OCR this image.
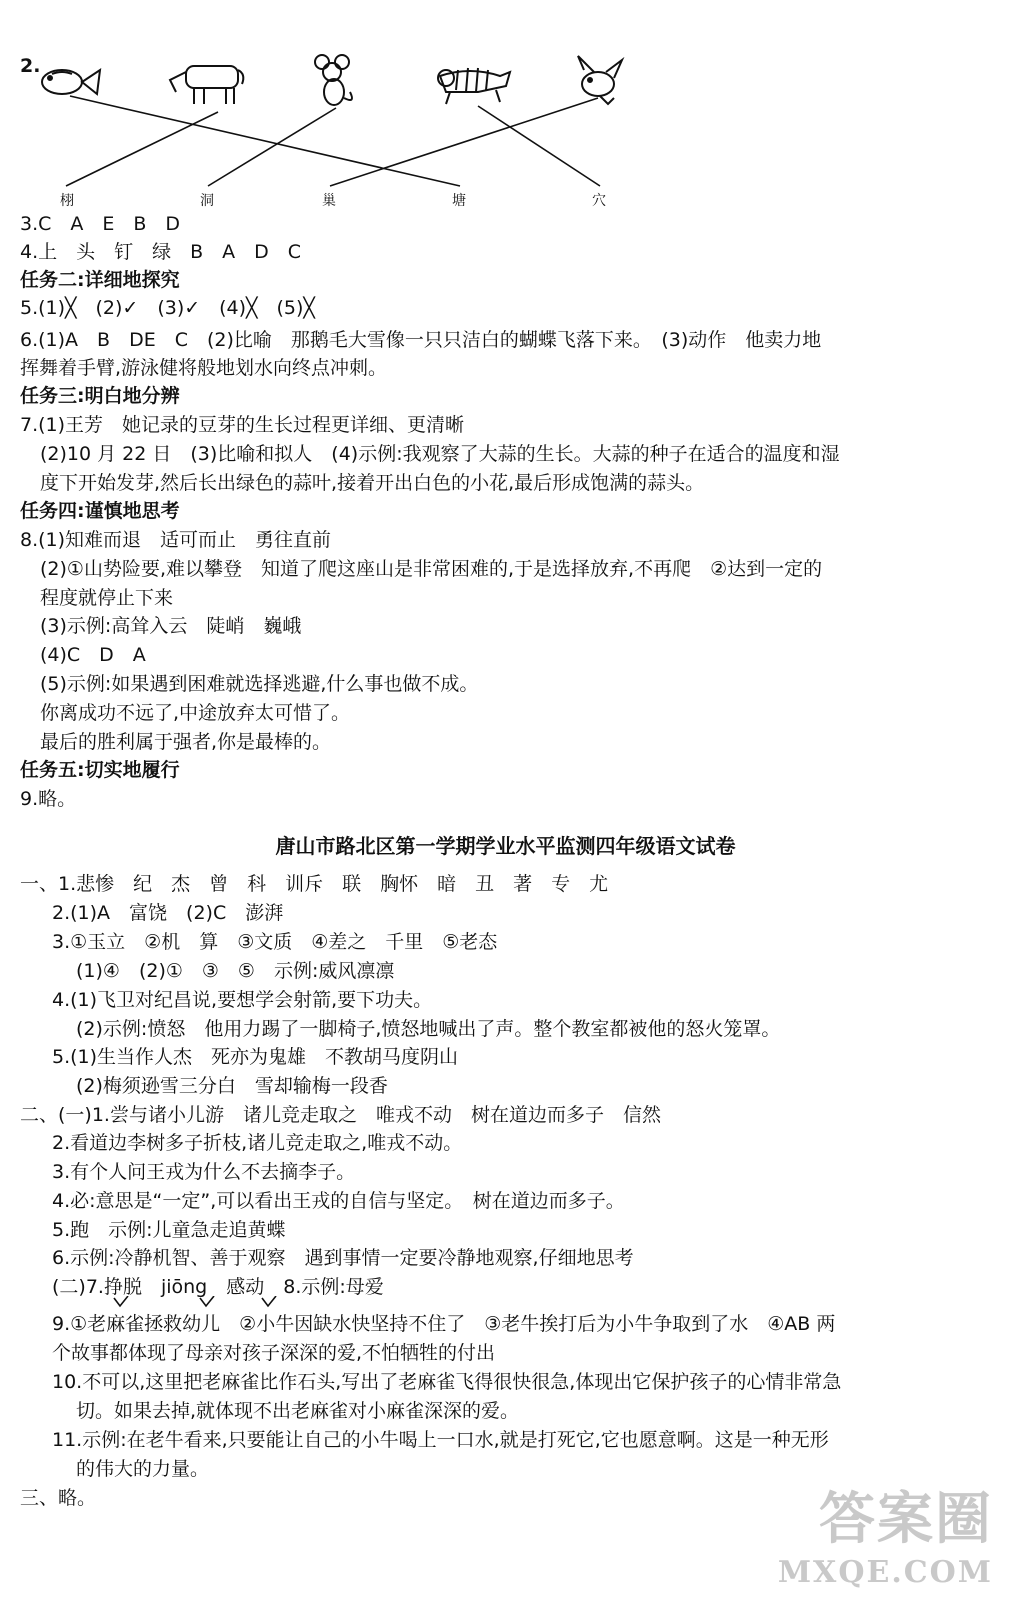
2.
栩	洞	巢	塘	穴
3.C　A　E　B　D
4.上　头　钉　绿　B　A　D　C
任务二:详细地探究
5.(1)╳　(2)✓　(3)✓　(4)╳　(5)╳
6.(1)A　B　DE　C　(2)比喻　那鹅毛大雪像一只只洁白的蝴蝶飞落下来。　(3)动作　他卖力地
挥舞着手臂,游泳健将般地划水向终点冲刺。
任务三:明白地分辨
7.(1)王芳　她记录的豆芽的生长过程更详细、更清晰
(2)10 月 22 日　(3)比喻和拟人　(4)示例:我观察了大蒜的生长。大蒜的种子在适合的温度和湿
度下开始发芽,然后长出绿色的蒜叶,接着开出白色的小花,最后形成饱满的蒜头。
任务四:谨慎地思考
8.(1)知难而退　适可而止　勇往直前
(2)①山势险要,难以攀登　知道了爬这座山是非常困难的,于是选择放弃,不再爬　②达到一定的
程度就停止下来
(3)示例:高耸入云　陡峭　巍峨
(4)C　D　A
(5)示例:如果遇到困难就选择逃避,什么事也做不成。
你离成功不远了,中途放弃太可惜了。
最后的胜利属于强者,你是最棒的。
任务五:切实地履行
9.略。
唐山市路北区第一学期学业水平监测四年级语文试卷
一、1.悲惨　纪　杰　曾　科　训斥　联　胸怀　暗　丑　著　专　尤
2.(1)A　富饶　(2)C　澎湃
3.①玉立　②机　算　③文质　④差之　千里　⑤老态
(1)④　(2)①　③　⑤　示例:威风凛凛
4.(1)飞卫对纪昌说,要想学会射箭,要下功夫。
(2)示例:愤怒　他用力踢了一脚椅子,愤怒地喊出了声。整个教室都被他的怒火笼罩。
5.(1)生当作人杰　死亦为鬼雄　不教胡马度阴山
(2)梅须逊雪三分白　雪却输梅一段香
二、(一)1.尝与诸小儿游　诸儿竞走取之　唯戎不动　树在道边而多子　信然
2.看道边李树多子折枝,诸儿竞走取之,唯戎不动。
3.有个人问王戎为什么不去摘李子。
4.必:意思是“一定”,可以看出王戎的自信与坚定。　树在道边而多子。
5.跑　示例:儿童急走追黄蝶
6.示例:冷静机智、善于观察　遇到事情一定要冷静地观察,仔细地思考
(二)7.挣脱　jiōng　感动　8.示例:母爱
9.①老麻雀拯救幼儿　②小牛因缺水快坚持不住了　③老牛挨打后为小牛争取到了水　④AB 两
个故事都体现了母亲对孩子深深的爱,不怕牺牲的付出
10.不可以,这里把老麻雀比作石头,写出了老麻雀飞得很快很急,体现出它保护孩子的心情非常急
切。如果去掉,就体现不出老麻雀对小麻雀深深的爱。
11.示例:在老牛看来,只要能让自己的小牛喝上一口水,就是打死它,它也愿意啊。这是一种无形
的伟大的力量。
三、略。	答案圈
MXQE.COM
